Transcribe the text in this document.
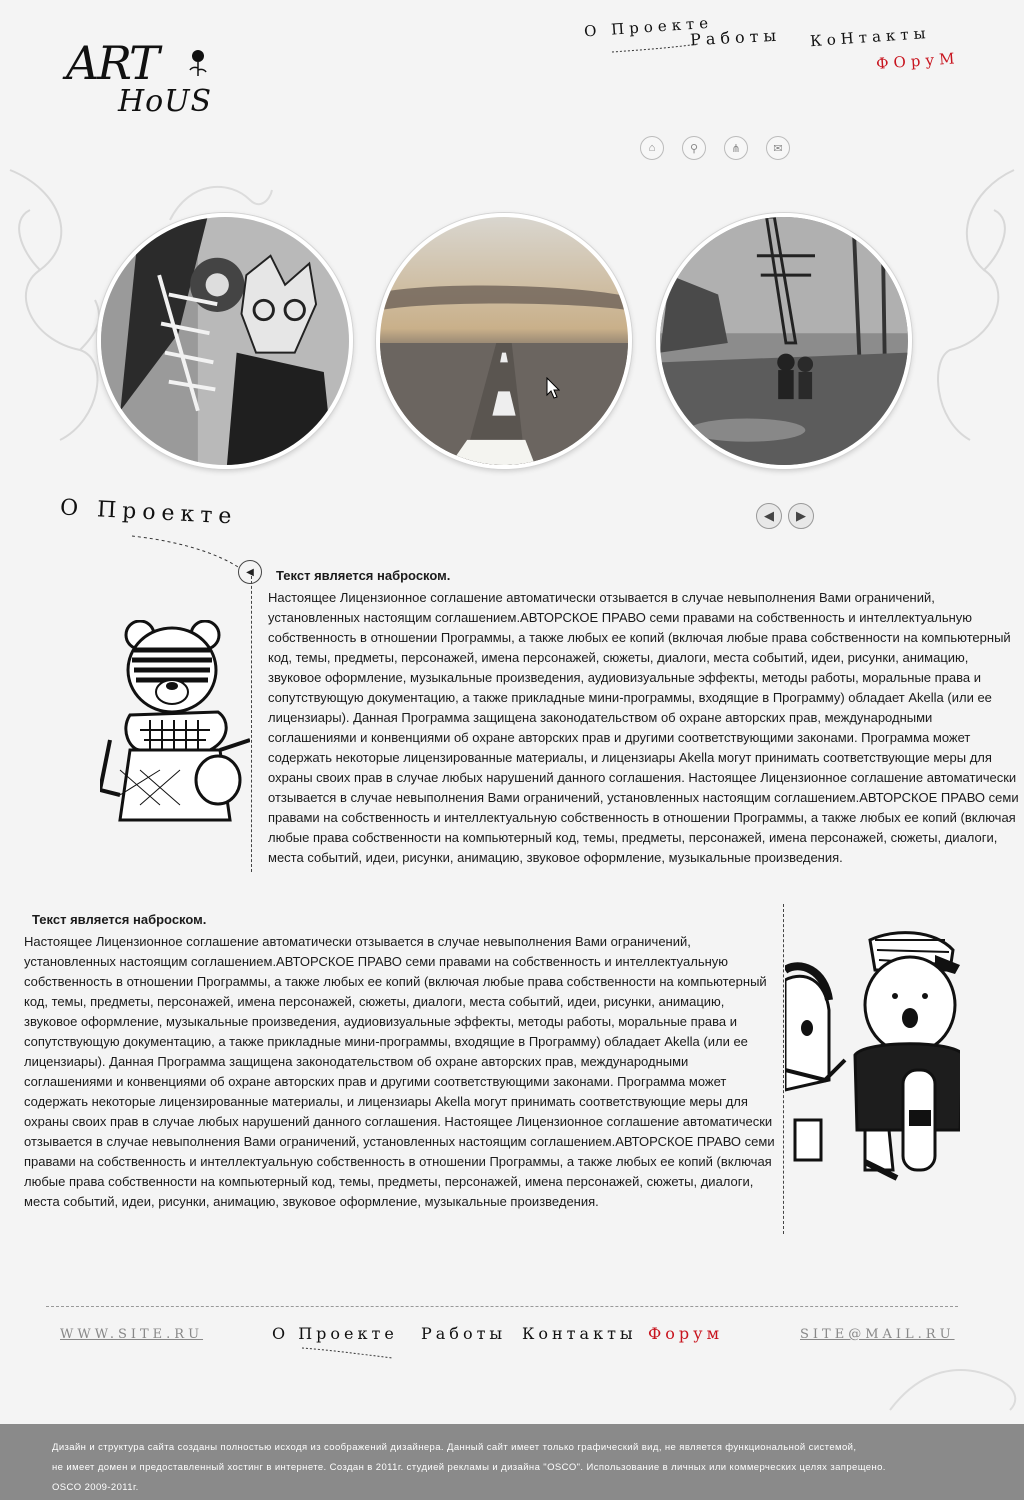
ART
HoUS
О Проекте
Работы КоНтакты
ФОруМ
⌂	⚲	⋔	✉
◀	▶
О Проекте
◀	Текст является наброском.

Настоящее Лицензионное соглашение автоматически отзывается в случае невыполнения Вами ограничений, установленных настоящим соглашением.АВТОРСКОЕ ПРАВО семи правами на собственность и интеллектуальную собственность в отношении Программы, а также любых ее копий (включая любые права собственности на компьютерный код, темы, предметы, персонажей, имена персонажей, сюжеты, диалоги, места событий, идеи, рисунки, анимацию, звуковое оформление, музыкальные произведения, аудиовизуальные эффекты, методы работы, моральные права и сопутствующую документацию, а также прикладные мини-программы, входящие в Программу) обладает Akella (или ее лицензиары). Данная Программа защищена законодательством об охране авторских прав, международными соглашениями и конвенциями об охране авторских прав и другими соответствующими законами. Программа может содержать некоторые лицензированные материалы, и лицензиары Akella могут принимать соответствующие меры для охраны своих прав в случае любых нарушений данного соглашения. Настоящее Лицензионное соглашение автоматически отзывается в случае невыполнения Вами ограничений, установленных настоящим соглашением.АВТОРСКОЕ ПРАВО семи правами на собственность и интеллектуальную собственность в отношении Программы, а также любых ее копий (включая любые права собственности на компьютерный код, темы, предметы, персонажей, имена персонажей, сюжеты, диалоги, места событий, идеи, рисунки, анимацию, звуковое оформление, музыкальные произведения.

Текст является наброском.

Настоящее Лицензионное соглашение автоматически отзывается в случае невыполнения Вами ограничений, установленных настоящим соглашением.АВТОРСКОЕ ПРАВО семи правами на собственность и интеллектуальную собственность в отношении Программы, а также любых ее копий (включая любые права собственности на компьютерный код, темы, предметы, персонажей, имена персонажей, сюжеты, диалоги, места событий, идеи, рисунки, анимацию, звуковое оформление, музыкальные произведения, аудиовизуальные эффекты, методы работы, моральные права и сопутствующую документацию, а также прикладные мини-программы, входящие в Программу) обладает Akella (или ее лицензиары). Данная Программа защищена законодательством об охране авторских прав, международными соглашениями и конвенциями об охране авторских прав и другими соответствующими законами. Программа может содержать некоторые лицензированные материалы, и лицензиары Akella могут принимать соответствующие меры для охраны своих прав в случае любых нарушений данного соглашения. Настоящее Лицензионное соглашение автоматически отзывается в случае невыполнения Вами ограничений, установленных настоящим соглашением.АВТОРСКОЕ ПРАВО семи правами на собственность и интеллектуальную собственность в отношении Программы, а также любых ее копий (включая любые права собственности на компьютерный код, темы, предметы, персонажей, имена персонажей, сюжеты, диалоги, места событий, идеи, рисунки, анимацию, звуковое оформление, музыкальные произведения.

WWW.SITE.RU	О Проекте Работы Контакты Форум	SITE@MAIL.RU
Дизайн и структура сайта созданы полностью исходя из соображений дизайнера. Данный сайт имеет только графический вид, не является функциональной системой,
не имеет домен и предоставленный хостинг в интернете. Создан в 2011г. студией рекламы и дизайна "OSCO". Использование в личных или коммерческих целях запрещено.
OSCO 2009-2011г.
